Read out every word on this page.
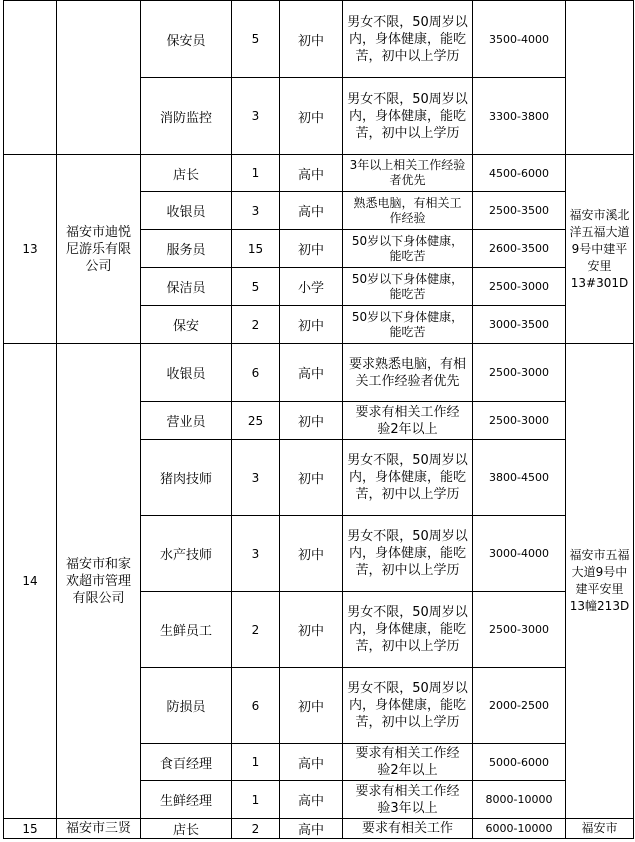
		保安员	5	初中	男女不限，50周岁以内，身体健康，能吃苦，初中以上学历	3500-4000	
		消防监控	3	初中	男女不限，50周岁以内，身体健康，能吃苦，初中以上学历	3300-3800	
13	福安市迪悦尼游乐有限公司	店长	1	高中	3年以上相关工作经验者优先	4500-6000	福安市溪北洋五福大道9号中建平安里13#301D

		收银员	3	高中	熟悉电脑，有相关工作经验	2500-3500	
		服务员	15	初中	50岁以下身体健康，能吃苦	2600-3500	
		保洁员	5	小学	50岁以下身体健康，能吃苦	2500-3000	
		保安	2	初中	50岁以下身体健康，能吃苦	3000-3500	
14	福安市和家欢超市管理有限公司	收银员	6	高中	要求熟悉电脑，有相关工作经验者优先	2500-3000	福安市五福大道9号中建平安里13幢213D

		营业员	25	初中	要求有相关工作经验2年以上	2500-3000	
		猪肉技师	3	初中	男女不限，50周岁以内，身体健康，能吃苦，初中以上学历	3800-4500	
		水产技师	3	初中	男女不限，50周岁以内，身体健康，能吃苦，初中以上学历	3000-4000	
		生鲜员工	2	初中	男女不限，50周岁以内，身体健康，能吃苦，初中以上学历	2500-3000	
		防损员	6	初中	男女不限，50周岁以内，身体健康，能吃苦，初中以上学历	2000-2500	
		食百经理	1	高中	要求有相关工作经验2年以上	5000-6000	
		生鲜经理	1	高中	要求有相关工作经验3年以上	8000-10000	
15	福安市三贤	店长	2	高中	要求有相关工作	6000-10000	福安市
